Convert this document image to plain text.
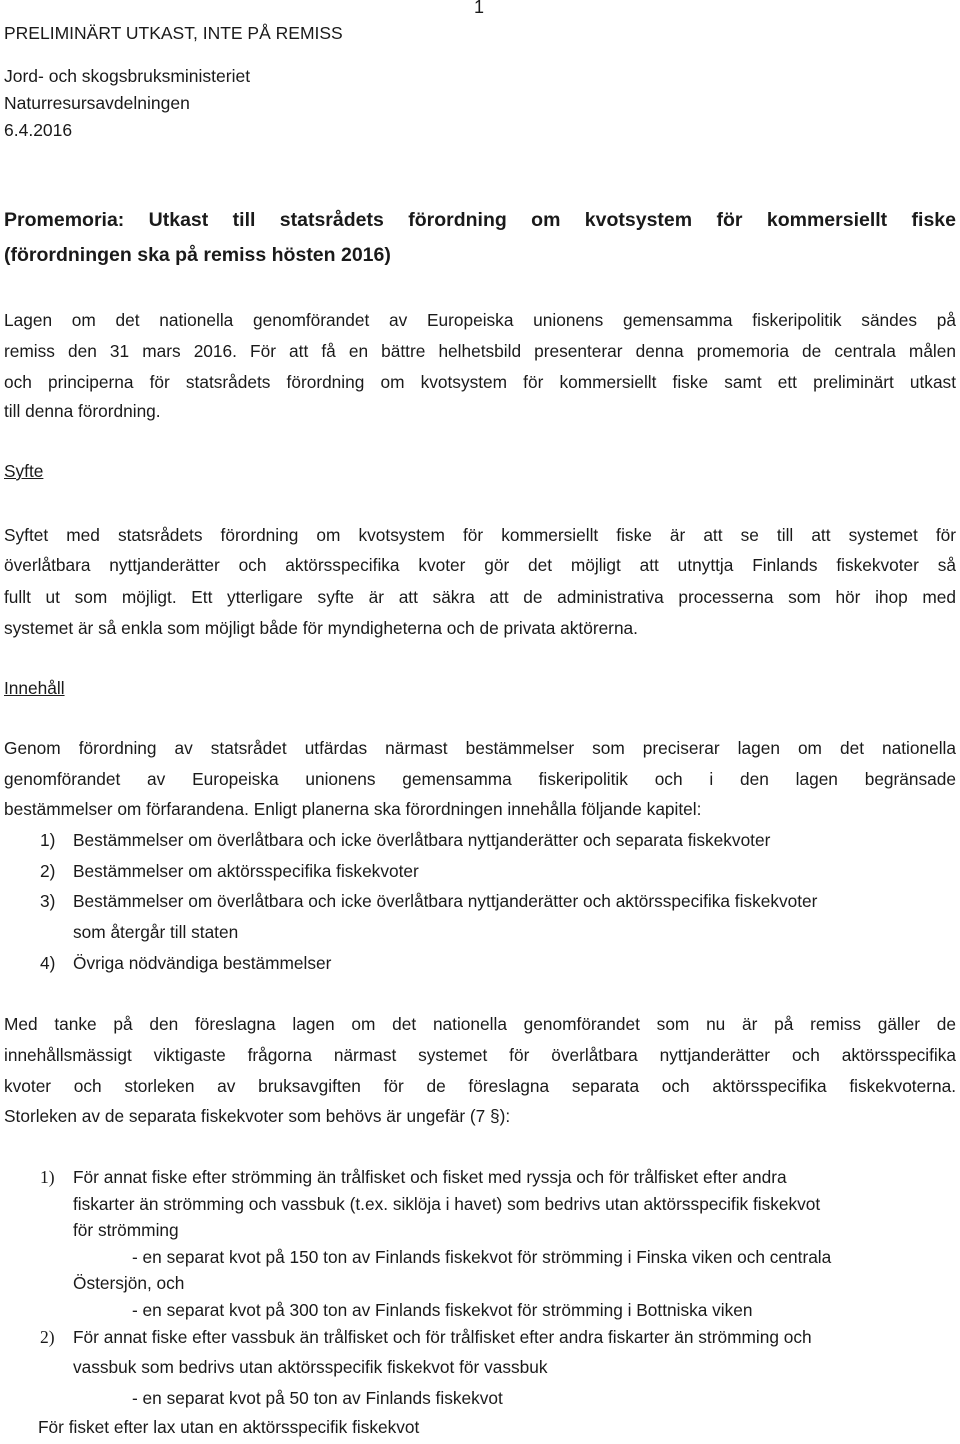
PRELIMINÄRT UTKAST, INTE PÅ REMISS
1
Jord- och skogsbruksministeriet
Naturresursavdelningen
6.4.2016
Promemoria: Utkast till statsrådets förordning om kvotsystem för kommersiellt fiske
(förordningen ska på remiss hösten 2016)
Lagen om det nationella genomförandet av Europeiska unionens gemensamma fiskeripolitik sändes på
remiss den 31 mars 2016. För att få en bättre helhetsbild presenterar denna promemoria de centrala målen
och principerna för statsrådets förordning om kvotsystem för kommersiellt fiske samt ett preliminärt utkast
till denna förordning.
Syfte
Syftet med statsrådets förordning om kvotsystem för kommersiellt fiske är att se till att systemet för
överlåtbara nyttjanderätter och aktörsspecifika kvoter gör det möjligt att utnyttja Finlands fiskekvoter så
fullt ut som möjligt. Ett ytterligare syfte är att säkra att de administrativa processerna som hör ihop med
systemet är så enkla som möjligt både för myndigheterna och de privata aktörerna.
Innehåll
Genom förordning av statsrådet utfärdas närmast bestämmelser som preciserar lagen om det nationella
genomförandet av Europeiska unionens gemensamma fiskeripolitik och i den lagen begränsade
bestämmelser om förfarandena. Enligt planerna ska förordningen innehålla följande kapitel:
1) Bestämmelser om överlåtbara och icke överlåtbara nyttjanderätter och separata fiskekvoter
2) Bestämmelser om aktörsspecifika fiskekvoter
3) Bestämmelser om överlåtbara och icke överlåtbara nyttjanderätter och aktörsspecifika fiskekvoter
som återgår till staten
4) Övriga nödvändiga bestämmelser
Med tanke på den föreslagna lagen om det nationella genomförandet som nu är på remiss gäller de
innehållsmässigt viktigaste frågorna närmast systemet för överlåtbara nyttjanderätter och aktörsspecifika
kvoter och storleken av bruksavgiften för de föreslagna separata och aktörsspecifika fiskekvoterna.
Storleken av de separata fiskekvoter som behövs är ungefär (7 §):
1) För annat fiske efter strömming än trålfisket och fisket med ryssja och för trålfisket efter andra
fiskarter än strömming och vassbuk (t.ex. siklöja i havet) som bedrivs utan aktörsspecifik fiskekvot
för strömming
- en separat kvot på 150 ton av Finlands fiskekvot för strömming i Finska viken och centrala
Östersjön, och
- en separat kvot på 300 ton av Finlands fiskekvot för strömming i Bottniska viken
2) För annat fiske efter vassbuk än trålfisket och för trålfisket efter andra fiskarter än strömming och
vassbuk som bedrivs utan aktörsspecifik fiskekvot för vassbuk
- en separat kvot på 50 ton av Finlands fiskekvot
För fisket efter lax utan en aktörsspecifik fiskekvot
